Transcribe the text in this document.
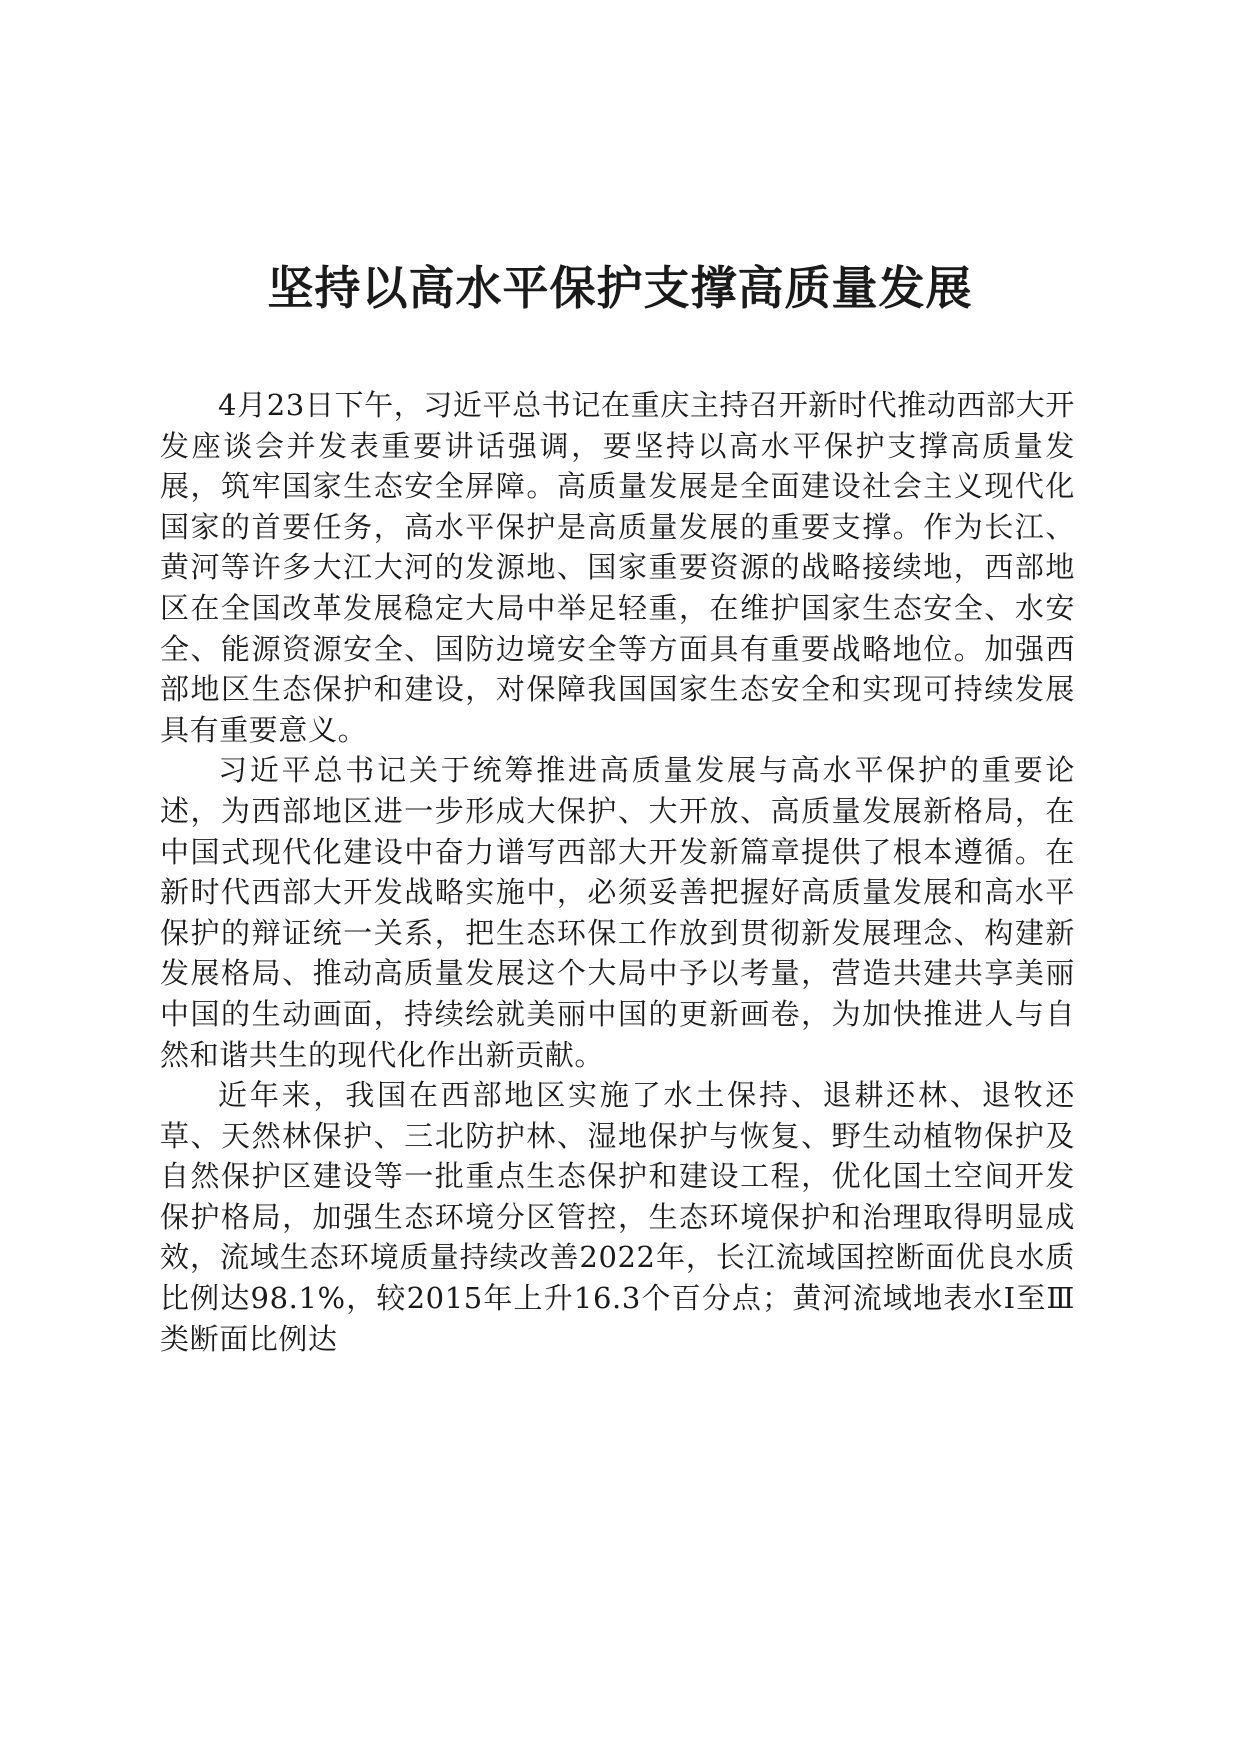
坚持以高水平保护支撑高质量发展

4月23日下午，习近平总书记在重庆主持召开新时代推动西部大开发座谈会并发表重要讲话强调，要坚持以高水平保护支撑高质量发展，筑牢国家生态安全屏障。高质量发展是全面建设社会主义现代化国家的首要任务，高水平保护是高质量发展的重要支撑。作为长江、黄河等许多大江大河的发源地、国家重要资源的战略接续地，西部地区在全国改革发展稳定大局中举足轻重，在维护国家生态安全、水安全、能源资源安全、国防边境安全等方面具有重要战略地位。加强西部地区生态保护和建设，对保障我国国家生态安全和实现可持续发展具有重要意义。

习近平总书记关于统筹推进高质量发展与高水平保护的重要论述，为西部地区进一步形成大保护、大开放、高质量发展新格局，在中国式现代化建设中奋力谱写西部大开发新篇章提供了根本遵循。在新时代西部大开发战略实施中，必须妥善把握好高质量发展和高水平保护的辩证统一关系，把生态环保工作放到贯彻新发展理念、构建新发展格局、推动高质量发展这个大局中予以考量，营造共建共享美丽中国的生动画面，持续绘就美丽中国的更新画卷，为加快推进人与自然和谐共生的现代化作出新贡献。

近年来，我国在西部地区实施了水土保持、退耕还林、退牧还草、天然林保护、三北防护林、湿地保护与恢复、野生动植物保护及自然保护区建设等一批重点生态保护和建设工程，优化国土空间开发保护格局，加强生态环境分区管控，生态环境保护和治理取得明显成效，流域生态环境质量持续改善2022年，长江流域国控断面优良水质比例达98.1%，较2015年上升16.3个百分点；黄河流域地表水Ⅰ至Ⅲ类断面比例达
